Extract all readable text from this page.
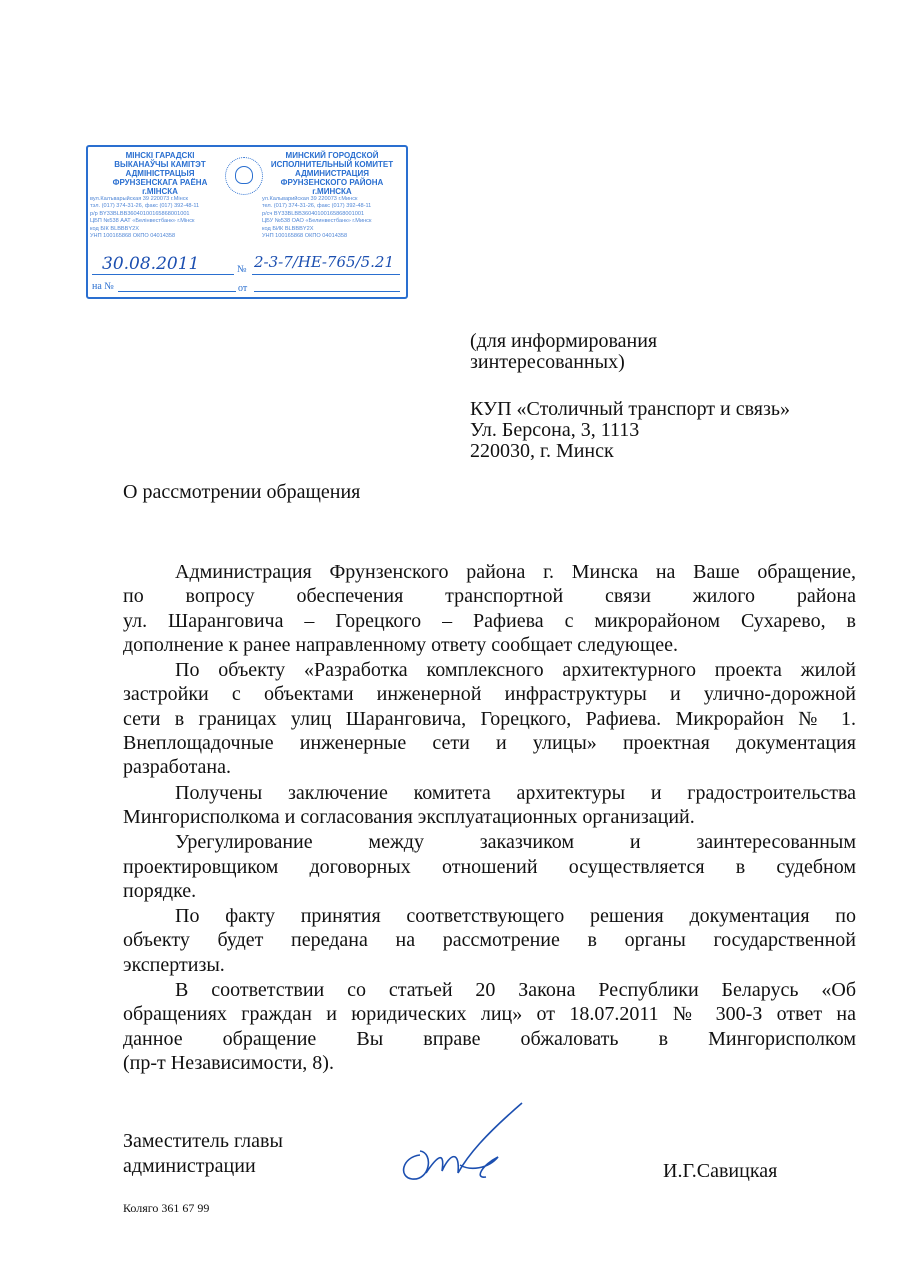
МІНСКІ ГАРАДСКІ
ВЫКАНАЎЧЫ КАМІТЭТ
АДМІНІСТРАЦЫЯ
ФРУНЗЕНСКАГА РАЁНА
г.МІНСКА
вул.Калъварыйская 39 220073 г.Мінск
тэл. (017) 374-31-26, факс (017) 392-48-11
р/р BY33BLBB36040100165868001001
ЦБП №538 ААТ «Белінвестбанк» г.Мінск
код БІК BLBBBY2X
УНП 100165868 ОКПО 04014358
МИНСКИЙ ГОРОДСКОЙ
ИСПОЛНИТЕЛЬНЫЙ КОМИТЕТ
АДМИНИСТРАЦИЯ
ФРУНЗЕНСКОГО РАЙОНА
г.МИНСКА
ул.Кальварийская 39 220073 г.Минск
тел. (017) 374-31-26, факс (017) 392-48-11
р/сч BY33BLBB36040100165868001001
ЦБУ №538 ОАО «Белинвестбанк» г.Минск
код БИК BLBBBY2X
УНП 100165868 ОКПО 04014358
30.08.2011	№ 2-3-7/НЕ-765/5.21
на №	от
(для информирования
зинтересованных)
КУП «Столичный транспорт и связь»
Ул. Берсона, 3, 1113
220030, г. Минск
О рассмотрении обращения
Администрация Фрунзенского района г. Минска на Ваше обращение,
по вопросу обеспечения транспортной связи жилого района
ул. Шаранговича – Горецкого – Рафиева с микрорайоном Сухарево, в
дополнение к ранее направленному ответу сообщает следующее.
По объекту «Разработка комплексного архитектурного проекта жилой
застройки с объектами инженерной инфраструктуры и улично-дорожной
сети в границах улиц Шаранговича, Горецкого, Рафиева. Микрорайон № 1.
Внеплощадочные инженерные сети и улицы» проектная документация
разработана.
Получены заключение комитета архитектуры и градостроительства
Мингорисполкома и согласования эксплуатационных организаций.
Урегулирование между заказчиком и заинтересованным
проектировщиком договорных отношений осуществляется в судебном
порядке.
По факту принятия соответствующего решения документация по
объекту будет передана на рассмотрение в органы государственной
экспертизы.
В соответствии со статьей 20 Закона Республики Беларусь «Об
обращениях граждан и юридических лиц» от 18.07.2011 № 300-З ответ на
данное обращение Вы вправе обжаловать в Мингорисполком
(пр-т Независимости, 8).
Заместитель главы
администрации	И.Г.Савицкая
Коляго 361 67 99
